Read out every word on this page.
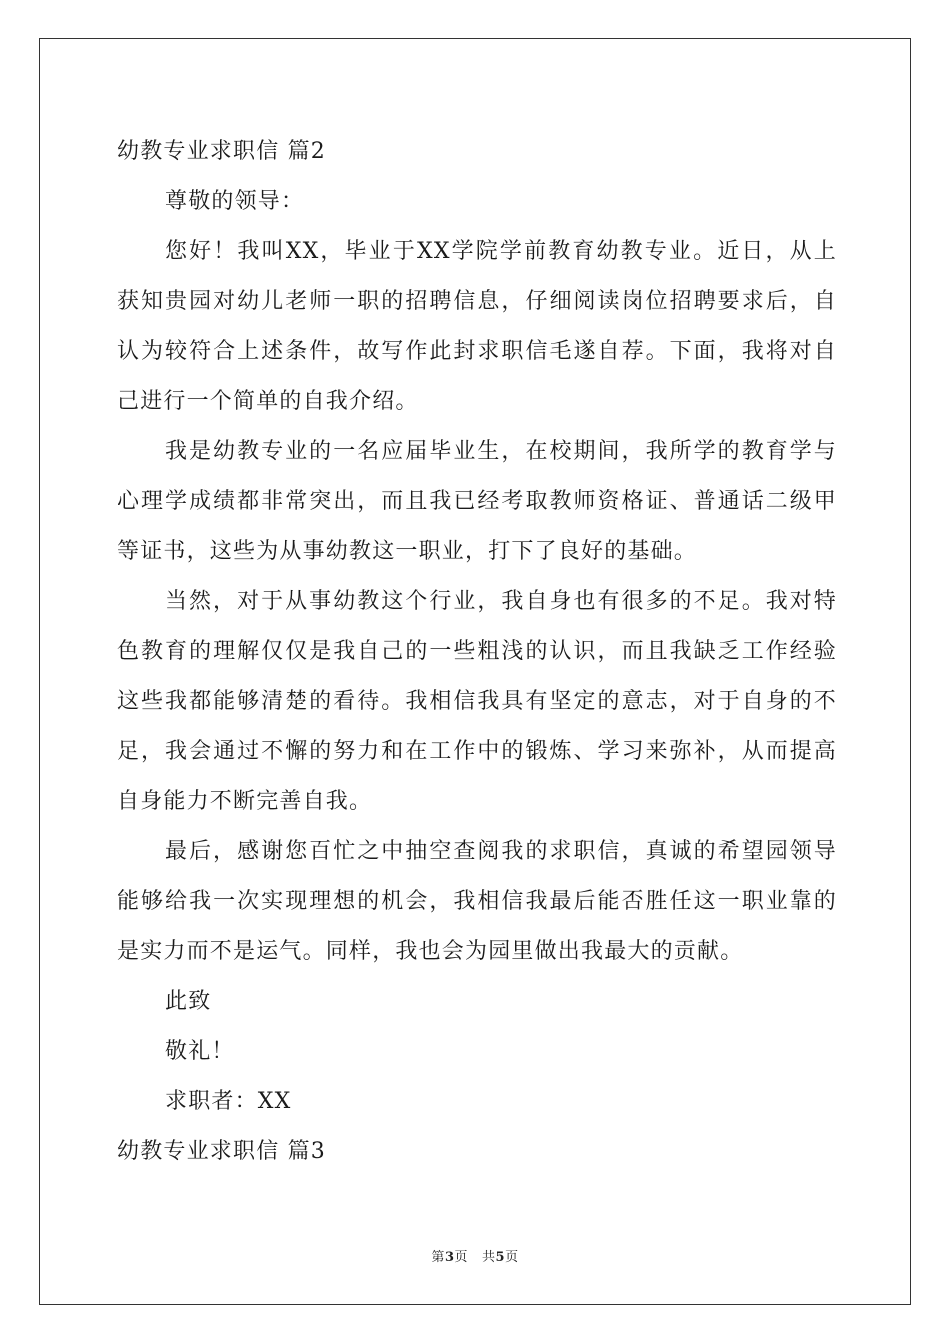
幼教专业求职信 篇2
尊敬的领导：
您好！我叫XX，毕业于XX学院学前教育幼教专业。近日，从上
获知贵园对幼儿老师一职的招聘信息，仔细阅读岗位招聘要求后，自
认为较符合上述条件，故写作此封求职信毛遂自荐。下面，我将对自
己进行一个简单的自我介绍。
我是幼教专业的一名应届毕业生，在校期间，我所学的教育学与
心理学成绩都非常突出，而且我已经考取教师资格证、普通话二级甲
等证书，这些为从事幼教这一职业，打下了良好的基础。
当然，对于从事幼教这个行业，我自身也有很多的不足。我对特
色教育的理解仅仅是我自己的一些粗浅的认识，而且我缺乏工作经验
这些我都能够清楚的看待。我相信我具有坚定的意志，对于自身的不
足，我会通过不懈的努力和在工作中的锻炼、学习来弥补，从而提高
自身能力不断完善自我。
最后，感谢您百忙之中抽空查阅我的求职信，真诚的希望园领导
能够给我一次实现理想的机会，我相信我最后能否胜任这一职业靠的
是实力而不是运气。同样，我也会为园里做出我最大的贡献。
此致
敬礼！
求职者：XX
幼教专业求职信 篇3
第3页 共5页
